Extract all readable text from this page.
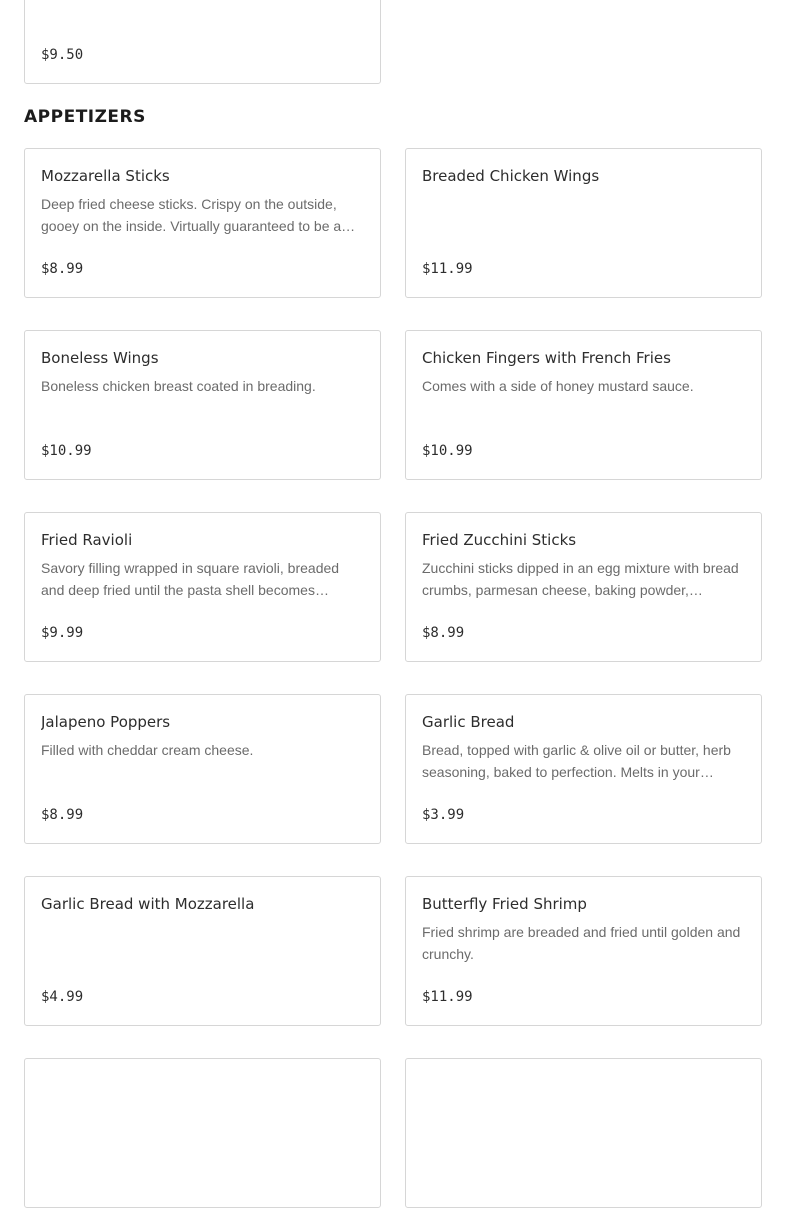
$9.50
APPETIZERS
Mozzarella Sticks
Deep fried cheese sticks. Crispy on the outside, gooey on the inside. Virtually guaranteed to be a…
$8.99
Breaded Chicken Wings
$11.99
Boneless Wings
Boneless chicken breast coated in breading.
$10.99
Chicken Fingers with French Fries
Comes with a side of honey mustard sauce.
$10.99
Fried Ravioli
Savory filling wrapped in square ravioli, breaded and deep fried until the pasta shell becomes…
$9.99
Fried Zucchini Sticks
Zucchini sticks dipped in an egg mixture with bread crumbs, parmesan cheese, baking powder,…
$8.99
Jalapeno Poppers
Filled with cheddar cream cheese.
$8.99
Garlic Bread
Bread, topped with garlic & olive oil or butter, herb seasoning, baked to perfection. Melts in your…
$3.99
Garlic Bread with Mozzarella
$4.99
Butterfly Fried Shrimp
Fried shrimp are breaded and fried until golden and crunchy.
$11.99
